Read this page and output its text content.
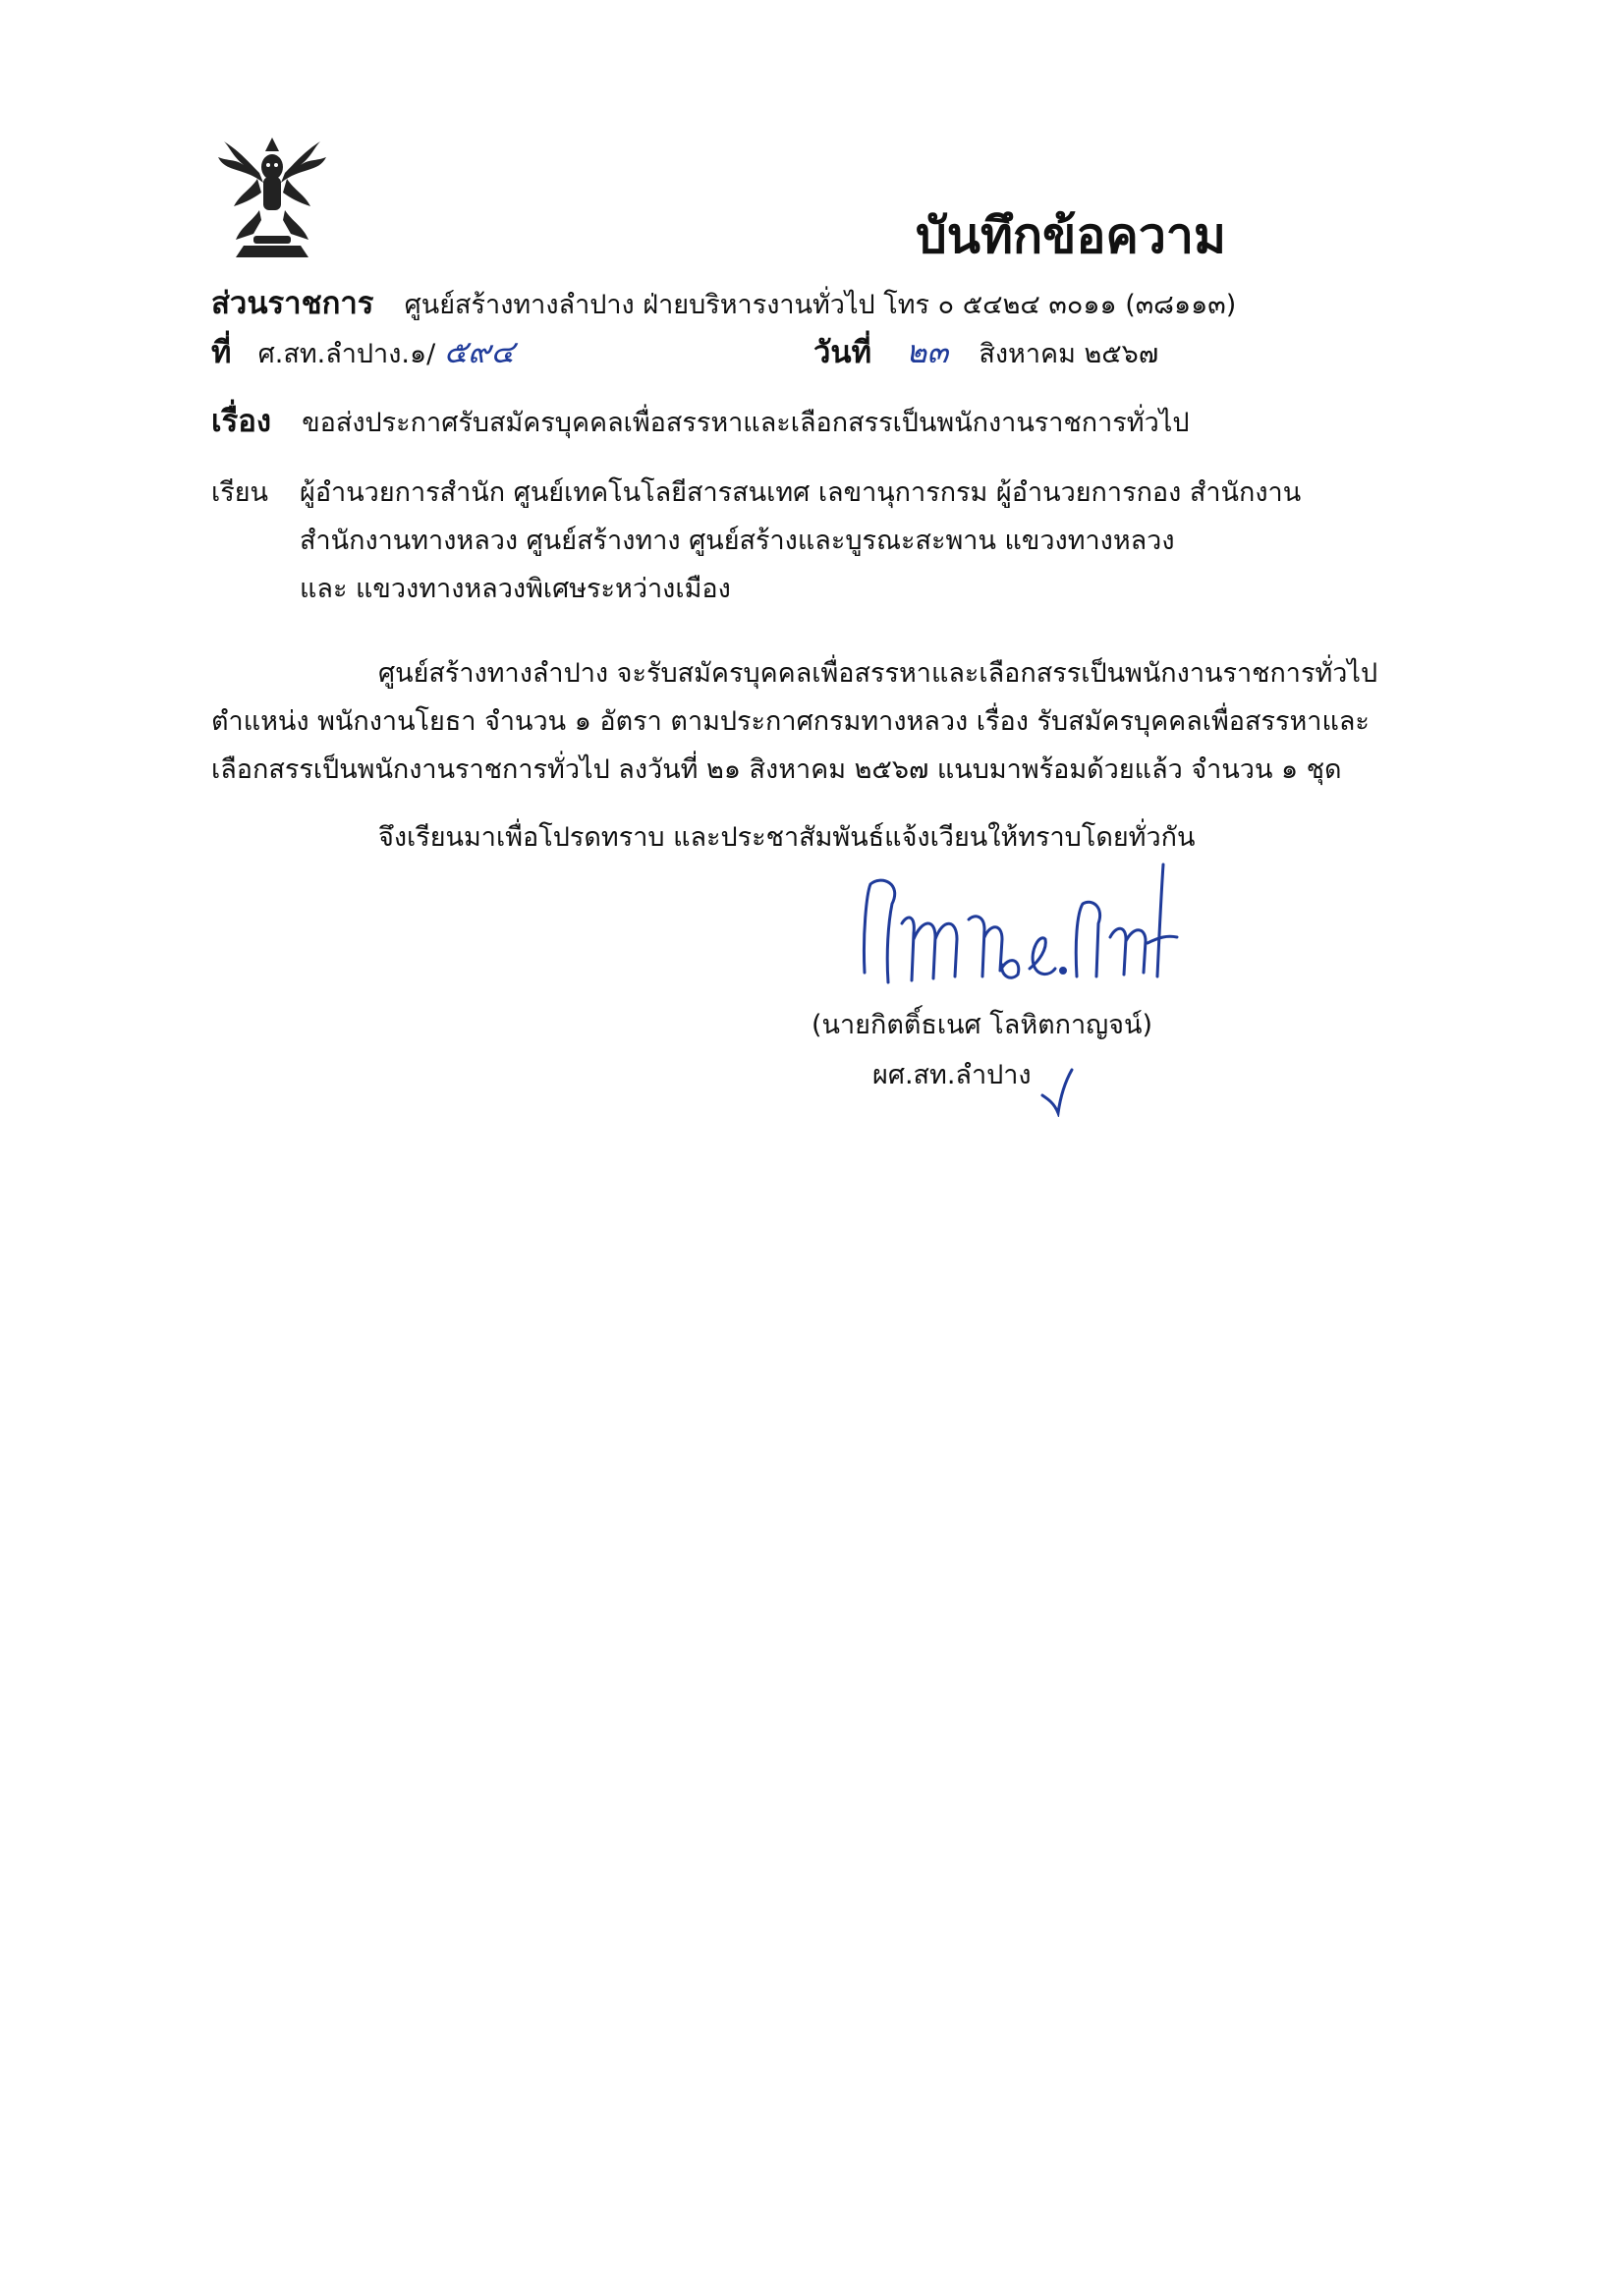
บันทึกข้อความ
ส่วนราชการ ศูนย์สร้างทางลำปาง ฝ่ายบริหารงานทั่วไป โทร ๐ ๕๔๒๔ ๓๐๑๑ (๓๘๑๑๓)
ที่ ศ.สท.ลำปาง.๑/ ๕๙๔	วันที่ ๒๓ สิงหาคม ๒๕๖๗
เรื่อง ขอส่งประกาศรับสมัครบุคคลเพื่อสรรหาและเลือกสรรเป็นพนักงานราชการทั่วไป
เรียน ผู้อำนวยการสำนัก ศูนย์เทคโนโลยีสารสนเทศ เลขานุการกรม ผู้อำนวยการกอง สำนักงาน
สำนักงานทางหลวง ศูนย์สร้างทาง ศูนย์สร้างและบูรณะสะพาน แขวงทางหลวง
และ แขวงทางหลวงพิเศษระหว่างเมือง
ศูนย์สร้างทางลำปาง จะรับสมัครบุคคลเพื่อสรรหาและเลือกสรรเป็นพนักงานราชการทั่วไป
ตำแหน่ง พนักงานโยธา จำนวน ๑ อัตรา ตามประกาศกรมทางหลวง เรื่อง รับสมัครบุคคลเพื่อสรรหาและ
เลือกสรรเป็นพนักงานราชการทั่วไป ลงวันที่ ๒๑ สิงหาคม ๒๕๖๗ แนบมาพร้อมด้วยแล้ว จำนวน ๑ ชุด
จึงเรียนมาเพื่อโปรดทราบ และประชาสัมพันธ์แจ้งเวียนให้ทราบโดยทั่วกัน
(นายกิตติ์ธเนศ โลหิตกาญจน์)
ผศ.สท.ลำปาง
